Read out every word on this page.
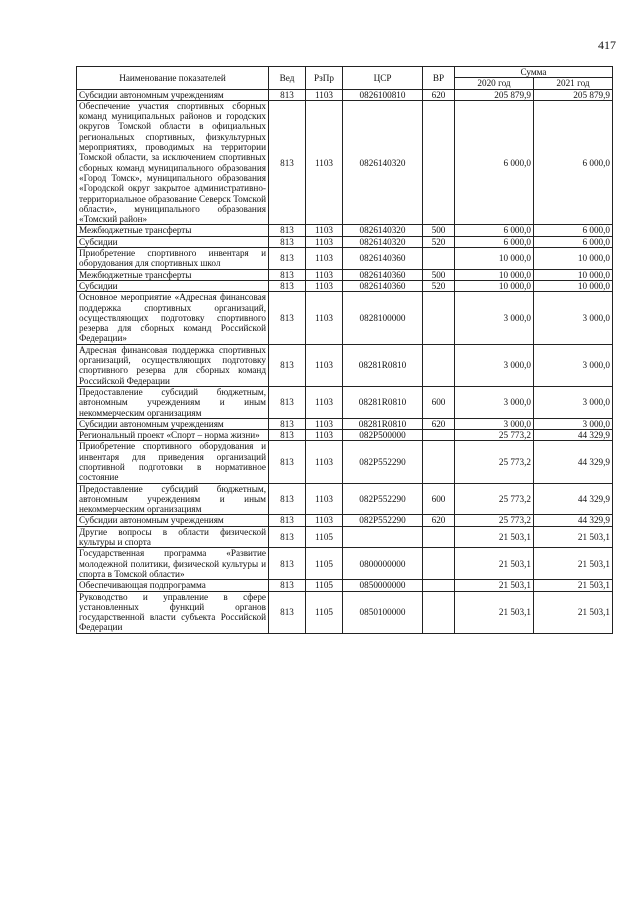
417
Наименование показателей	Вед	РзПр	ЦСР	ВР	Сумма	
					2020 год	2021 год
Субсидии автономным учреждениям	813	1103	0826100810	620	205 879,9	205 879,9
Обеспечение участия спортивных сборных команд муниципальных районов и городских округов Томской области в официальных региональных спортивных, физкультурных мероприятиях, проводимых на территории Томской области, за исключением спортивных сборных команд муниципального образования «Город Томск», муниципального образования «Городской округ закрытое административно-территориальное образование Северск Томской области», муниципального образования «Томский район»	813	1103	0826140320		6 000,0	6 000,0
Межбюджетные трансферты	813	1103	0826140320	500	6 000,0	6 000,0
Субсидии	813	1103	0826140320	520	6 000,0	6 000,0
Приобретение спортивного инвентаря и оборудования для спортивных школ	813	1103	0826140360		10 000,0	10 000,0
Межбюджетные трансферты	813	1103	0826140360	500	10 000,0	10 000,0
Субсидии	813	1103	0826140360	520	10 000,0	10 000,0
Основное мероприятие «Адресная финансовая поддержка спортивных организаций, осуществляющих подготовку спортивного резерва для сборных команд Российской Федерации»	813	1103	0828100000		3 000,0	3 000,0
Адресная финансовая поддержка спортивных организаций, осуществляющих подготовку спортивного резерва для сборных команд Российской Федерации	813	1103	08281R0810		3 000,0	3 000,0
Предоставление субсидий бюджетным, автономным учреждениям и иным некоммерческим организациям	813	1103	08281R0810	600	3 000,0	3 000,0
Субсидии автономным учреждениям	813	1103	08281R0810	620	3 000,0	3 000,0
Региональный проект «Спорт – норма жизни»	813	1103	082P500000		25 773,2	44 329,9
Приобретение спортивного оборудования и инвентаря для приведения организаций спортивной подготовки в нормативное состояние	813	1103	082P552290		25 773,2	44 329,9
Предоставление субсидий бюджетным, автономным учреждениям и иным некоммерческим организациям	813	1103	082P552290	600	25 773,2	44 329,9
Субсидии автономным учреждениям	813	1103	082P552290	620	25 773,2	44 329,9
Другие вопросы в области физической культуры и спорта	813	1105			21 503,1	21 503,1
Государственная программа «Развитие молодежной политики, физической культуры и спорта в Томской области»	813	1105	0800000000		21 503,1	21 503,1
Обеспечивающая подпрограмма	813	1105	0850000000		21 503,1	21 503,1
Руководство и управление в сфере установленных функций органов государственной власти субъекта Российской Федерации	813	1105	0850100000		21 503,1	21 503,1
